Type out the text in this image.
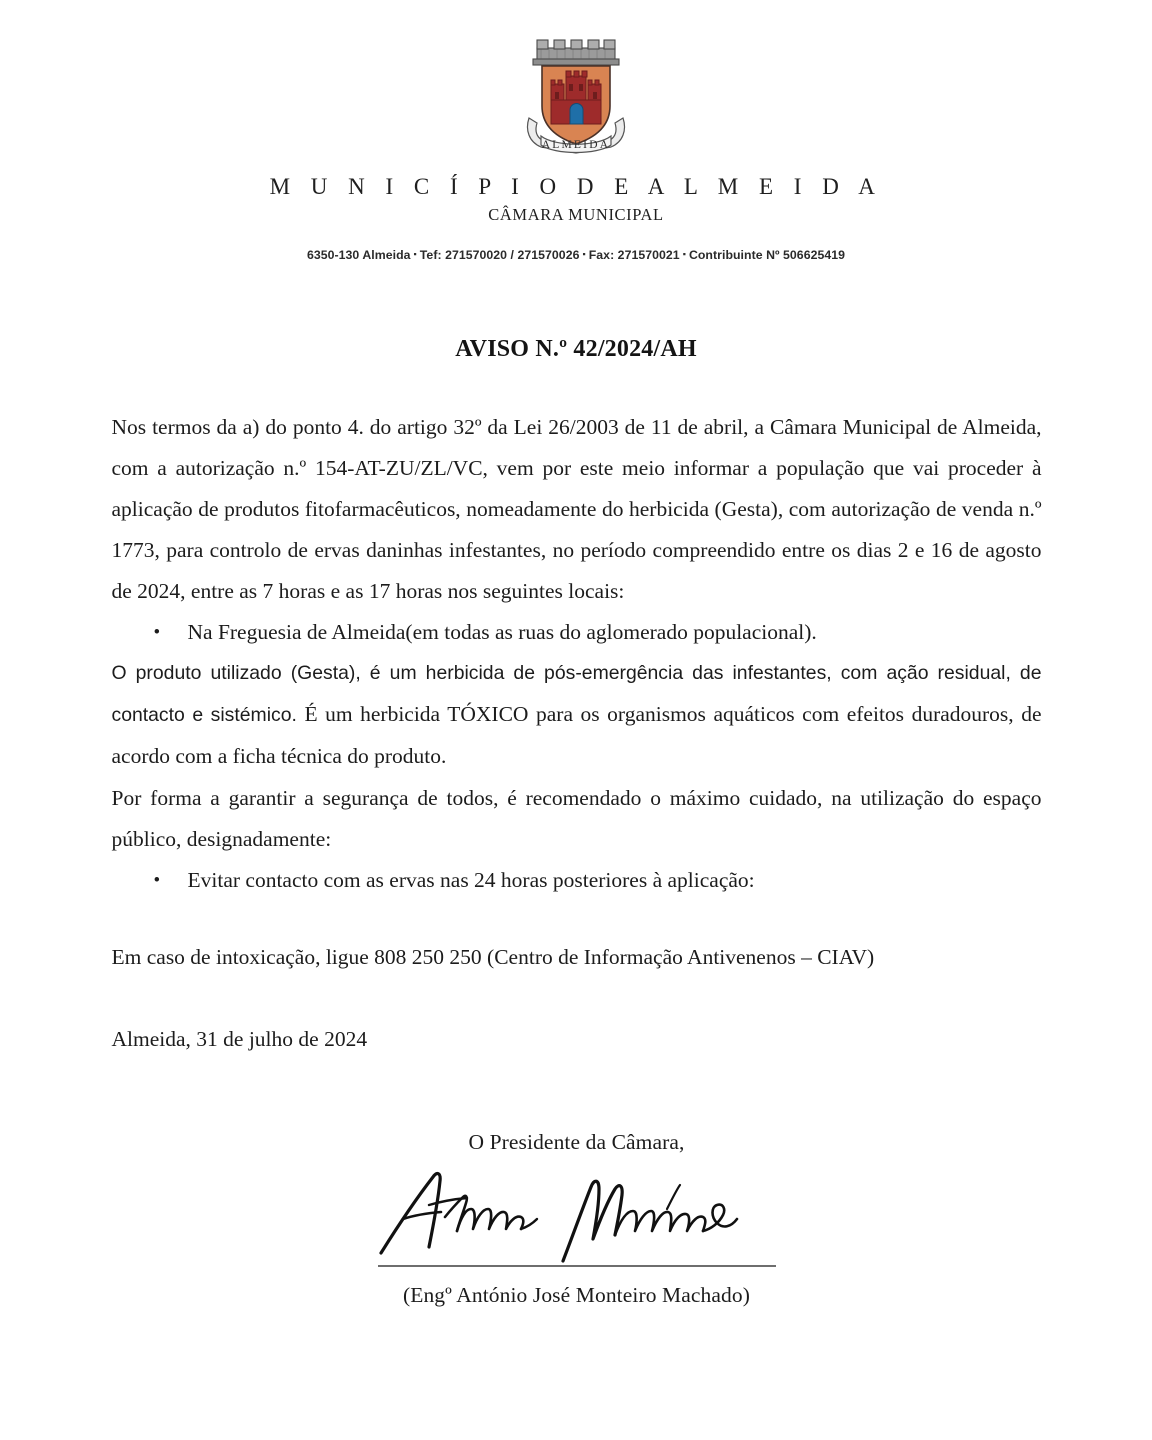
ALMEIDA
M U N I C Í P I O D E A L M E I D A
CÂMARA MUNICIPAL
6350-130 Almeida ▪ Tef: 271570020 / 271570026 ▪ Fax: 271570021 ▪ Contribuinte Nº 506625419
AVISO N.º 42/2024/AH

Nos termos da a) do ponto 4. do artigo 32º da Lei 26/2003 de 11 de abril, a Câmara Municipal de Almeida, com a autorização n.º 154-AT-ZU/ZL/VC, vem por este meio informar a população que vai proceder à aplicação de produtos fitofarmacêuticos, nomeadamente do herbicida (Gesta), com autorização de venda n.º 1773, para controlo de ervas daninhas infestantes, no período compreendido entre os dias 2 e 16 de agosto de 2024, entre as 7 horas e as 17 horas nos seguintes locais:

• Na Freguesia de Almeida(em todas as ruas do aglomerado populacional).

O produto utilizado (Gesta), é um herbicida de pós-emergência das infestantes, com ação residual, de contacto e sistémico. É um herbicida TÓXICO para os organismos aquáticos com efeitos duradouros, de acordo com a ficha técnica do produto.

Por forma a garantir a segurança de todos, é recomendado o máximo cuidado, na utilização do espaço público, designadamente:

• Evitar contacto com as ervas nas 24 horas posteriores à aplicação:

Em caso de intoxicação, ligue 808 250 250 (Centro de Informação Antivenenos – CIAV)

Almeida, 31 de julho de 2024

O Presidente da Câmara,
(Engº António José Monteiro Machado)
